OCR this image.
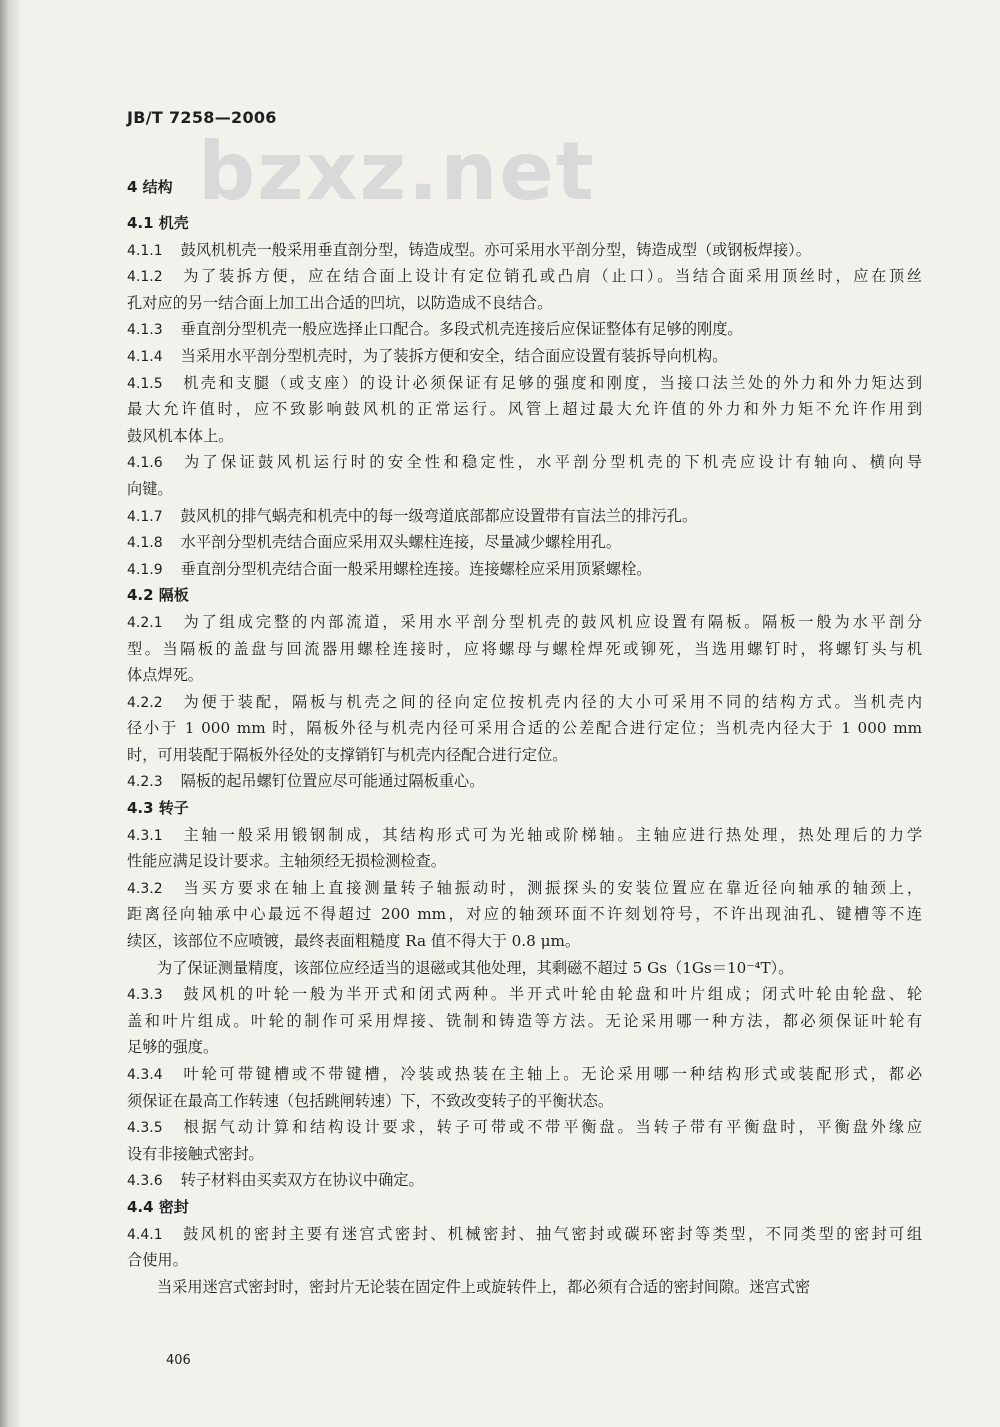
JB/T 7258—2006
bzxz.net
4 结构
4.1 机壳
4.1.1 鼓风机机壳一般采用垂直剖分型，铸造成型。亦可采用水平剖分型，铸造成型（或钢板焊接）。
4.1.2 为了装拆方便，应在结合面上设计有定位销孔或凸肩（止口）。当结合面采用顶丝时，应在顶丝
孔对应的另一结合面上加工出合适的凹坑，以防造成不良结合。
4.1.3 垂直剖分型机壳一般应选择止口配合。多段式机壳连接后应保证整体有足够的刚度。
4.1.4 当采用水平剖分型机壳时，为了装拆方便和安全，结合面应设置有装拆导向机构。
4.1.5 机壳和支腿（或支座）的设计必须保证有足够的强度和刚度，当接口法兰处的外力和外力矩达到
最大允许值时，应不致影响鼓风机的正常运行。风管上超过最大允许值的外力和外力矩不允许作用到
鼓风机本体上。
4.1.6 为了保证鼓风机运行时的安全性和稳定性，水平剖分型机壳的下机壳应设计有轴向、横向导
向键。
4.1.7 鼓风机的排气蜗壳和机壳中的每一级弯道底部都应设置带有盲法兰的排污孔。
4.1.8 水平剖分型机壳结合面应采用双头螺柱连接，尽量减少螺栓用孔。
4.1.9 垂直剖分型机壳结合面一般采用螺栓连接。连接螺栓应采用顶紧螺栓。
4.2 隔板
4.2.1 为了组成完整的内部流道，采用水平剖分型机壳的鼓风机应设置有隔板。隔板一般为水平剖分
型。当隔板的盖盘与回流器用螺栓连接时，应将螺母与螺栓焊死或铆死，当选用螺钉时，将螺钉头与机
体点焊死。
4.2.2 为便于装配，隔板与机壳之间的径向定位按机壳内径的大小可采用不同的结构方式。当机壳内
径小于 1 000 mm 时，隔板外径与机壳内径可采用合适的公差配合进行定位；当机壳内径大于 1 000 mm
时，可用装配于隔板外径处的支撑销钉与机壳内径配合进行定位。
4.2.3 隔板的起吊螺钉位置应尽可能通过隔板重心。
4.3 转子
4.3.1 主轴一般采用锻钢制成，其结构形式可为光轴或阶梯轴。主轴应进行热处理，热处理后的力学
性能应满足设计要求。主轴须经无损检测检查。
4.3.2 当买方要求在轴上直接测量转子轴振动时，测振探头的安装位置应在靠近径向轴承的轴颈上，
距离径向轴承中心最远不得超过 200 mm，对应的轴颈环面不许刻划符号，不许出现油孔、键槽等不连
续区，该部位不应喷镀，最终表面粗糙度 Ra 值不得大于 0.8 μm。
为了保证测量精度，该部位应经适当的退磁或其他处理，其剩磁不超过 5 Gs（1Gs＝10⁻⁴T）。
4.3.3 鼓风机的叶轮一般为半开式和闭式两种。半开式叶轮由轮盘和叶片组成；闭式叶轮由轮盘、轮
盖和叶片组成。叶轮的制作可采用焊接、铣制和铸造等方法。无论采用哪一种方法，都必须保证叶轮有
足够的强度。
4.3.4 叶轮可带键槽或不带键槽，冷装或热装在主轴上。无论采用哪一种结构形式或装配形式，都必
须保证在最高工作转速（包括跳闸转速）下，不致改变转子的平衡状态。
4.3.5 根据气动计算和结构设计要求，转子可带或不带平衡盘。当转子带有平衡盘时，平衡盘外缘应
设有非接触式密封。
4.3.6 转子材料由买卖双方在协议中确定。
4.4 密封
4.4.1 鼓风机的密封主要有迷宫式密封、机械密封、抽气密封或碳环密封等类型，不同类型的密封可组
合使用。
当采用迷宫式密封时，密封片无论装在固定件上或旋转件上，都必须有合适的密封间隙。迷宫式密
406
